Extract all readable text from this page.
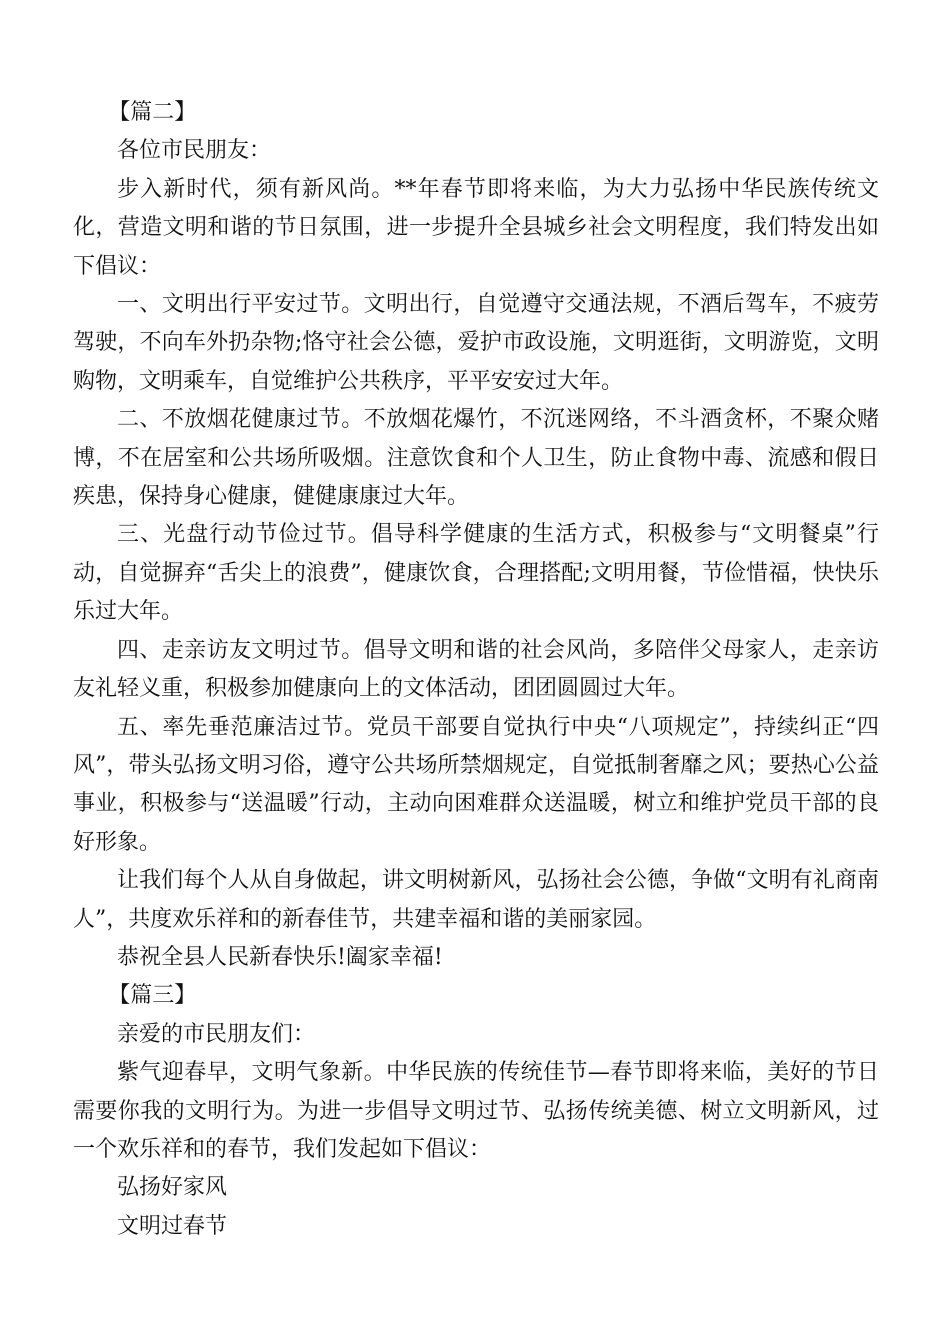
【篇二】

各位市民朋友：

步入新时代，须有新风尚。**年春节即将来临，为大力弘扬中华民族传统文化，营造文明和谐的节日氛围，进一步提升全县城乡社会文明程度，我们特发出如下倡议：

一、文明出行平安过节。文明出行，自觉遵守交通法规，不酒后驾车，不疲劳驾驶，不向车外扔杂物;恪守社会公德，爱护市政设施，文明逛街，文明游览，文明购物，文明乘车，自觉维护公共秩序，平平安安过大年。

二、不放烟花健康过节。不放烟花爆竹，不沉迷网络，不斗酒贪杯，不聚众赌博，不在居室和公共场所吸烟。注意饮食和个人卫生，防止食物中毒、流感和假日疾患，保持身心健康，健健康康过大年。

三、光盘行动节俭过节。倡导科学健康的生活方式，积极参与“文明餐桌”行动，自觉摒弃“舌尖上的浪费”，健康饮食，合理搭配;文明用餐，节俭惜福，快快乐乐过大年。

四、走亲访友文明过节。倡导文明和谐的社会风尚，多陪伴父母家人，走亲访友礼轻义重，积极参加健康向上的文体活动，团团圆圆过大年。

五、率先垂范廉洁过节。党员干部要自觉执行中央“八项规定”，持续纠正“四风”，带头弘扬文明习俗，遵守公共场所禁烟规定，自觉抵制奢靡之风；要热心公益事业，积极参与“送温暖”行动，主动向困难群众送温暖，树立和维护党员干部的良好形象。

让我们每个人从自身做起，讲文明树新风，弘扬社会公德，争做“文明有礼商南人”，共度欢乐祥和的新春佳节，共建幸福和谐的美丽家园。

恭祝全县人民新春快乐!阖家幸福!

【篇三】

亲爱的市民朋友们：

紫气迎春早，文明气象新。中华民族的传统佳节—春节即将来临，美好的节日需要你我的文明行为。为进一步倡导文明过节、弘扬传统美德、树立文明新风，过一个欢乐祥和的春节，我们发起如下倡议：

弘扬好家风

文明过春节
